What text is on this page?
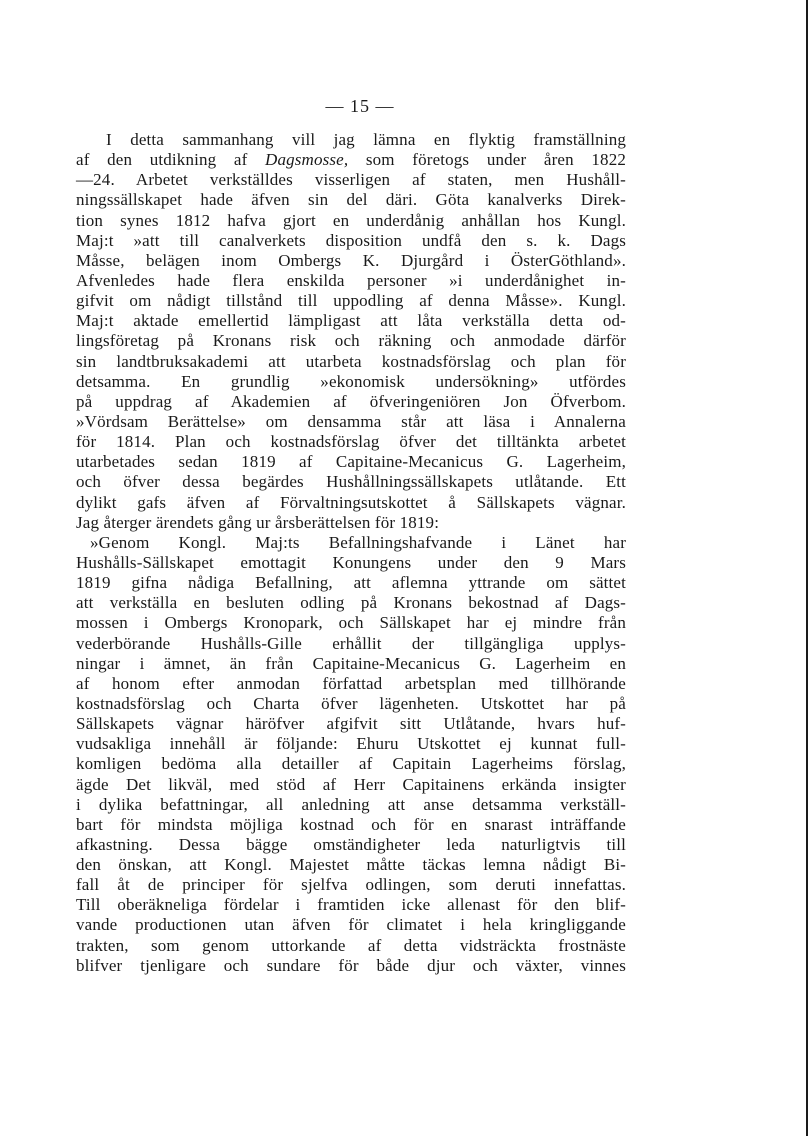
— 15 —
I detta sammanhang vill jag lämna en flyktig framställning
af den utdikning af Dagsmosse, som företogs under åren 1822
—24. Arbetet verkställdes visserligen af staten, men Hushåll-
ningssällskapet hade äfven sin del däri. Göta kanalverks Direk-
tion synes 1812 hafva gjort en underdånig anhållan hos Kungl.
Maj:t »att till canalverkets disposition undfå den s. k. Dags
Måsse, belägen inom Ombergs K. Djurgård i ÖsterGöthland».
Afvenledes hade flera enskilda personer »i underdånighet in-
gifvit om nådigt tillstånd till uppodling af denna Måsse». Kungl.
Maj:t aktade emellertid lämpligast att låta verkställa detta od-
lingsföretag på Kronans risk och räkning och anmodade därför
sin landtbruksakademi att utarbeta kostnadsförslag och plan för
detsamma. En grundlig »ekonomisk undersökning» utfördes
på uppdrag af Akademien af öfveringeniören Jon Öfverbom.
»Vördsam Berättelse» om densamma står att läsa i Annalerna
för 1814. Plan och kostnadsförslag öfver det tilltänkta arbetet
utarbetades sedan 1819 af Capitaine-Mecanicus G. Lagerheim,
och öfver dessa begärdes Hushållningssällskapets utlåtande. Ett
dylikt gafs äfven af Förvaltningsutskottet å Sällskapets vägnar.
Jag återger ärendets gång ur årsberättelsen för 1819:
»Genom Kongl. Maj:ts Befallningshafvande i Länet har
Hushålls-Sällskapet emottagit Konungens under den 9 Mars
1819 gifna nådiga Befallning, att aflemna yttrande om sättet
att verkställa en besluten odling på Kronans bekostnad af Dags-
mossen i Ombergs Kronopark, och Sällskapet har ej mindre från
vederbörande Hushålls-Gille erhållit der tillgängliga upplys-
ningar i ämnet, än från Capitaine-Mecanicus G. Lagerheim en
af honom efter anmodan författad arbetsplan med tillhörande
kostnadsförslag och Charta öfver lägenheten. Utskottet har på
Sällskapets vägnar häröfver afgifvit sitt Utlåtande, hvars huf-
vudsakliga innehåll är följande: Ehuru Utskottet ej kunnat full-
komligen bedöma alla detailler af Capitain Lagerheims förslag,
ägde Det likväl, med stöd af Herr Capitainens erkända insigter
i dylika befattningar, all anledning att anse detsamma verkställ-
bart för mindsta möjliga kostnad och för en snarast inträffande
afkastning. Dessa bägge omständigheter leda naturligtvis till
den önskan, att Kongl. Majestet måtte täckas lemna nådigt Bi-
fall åt de principer för sjelfva odlingen, som deruti innefattas.
Till oberäkneliga fördelar i framtiden icke allenast för den blif-
vande productionen utan äfven för climatet i hela kringliggande
trakten, som genom uttorkande af detta vidsträckta frostnäste
blifver tjenligare och sundare för både djur och växter, vinnes
